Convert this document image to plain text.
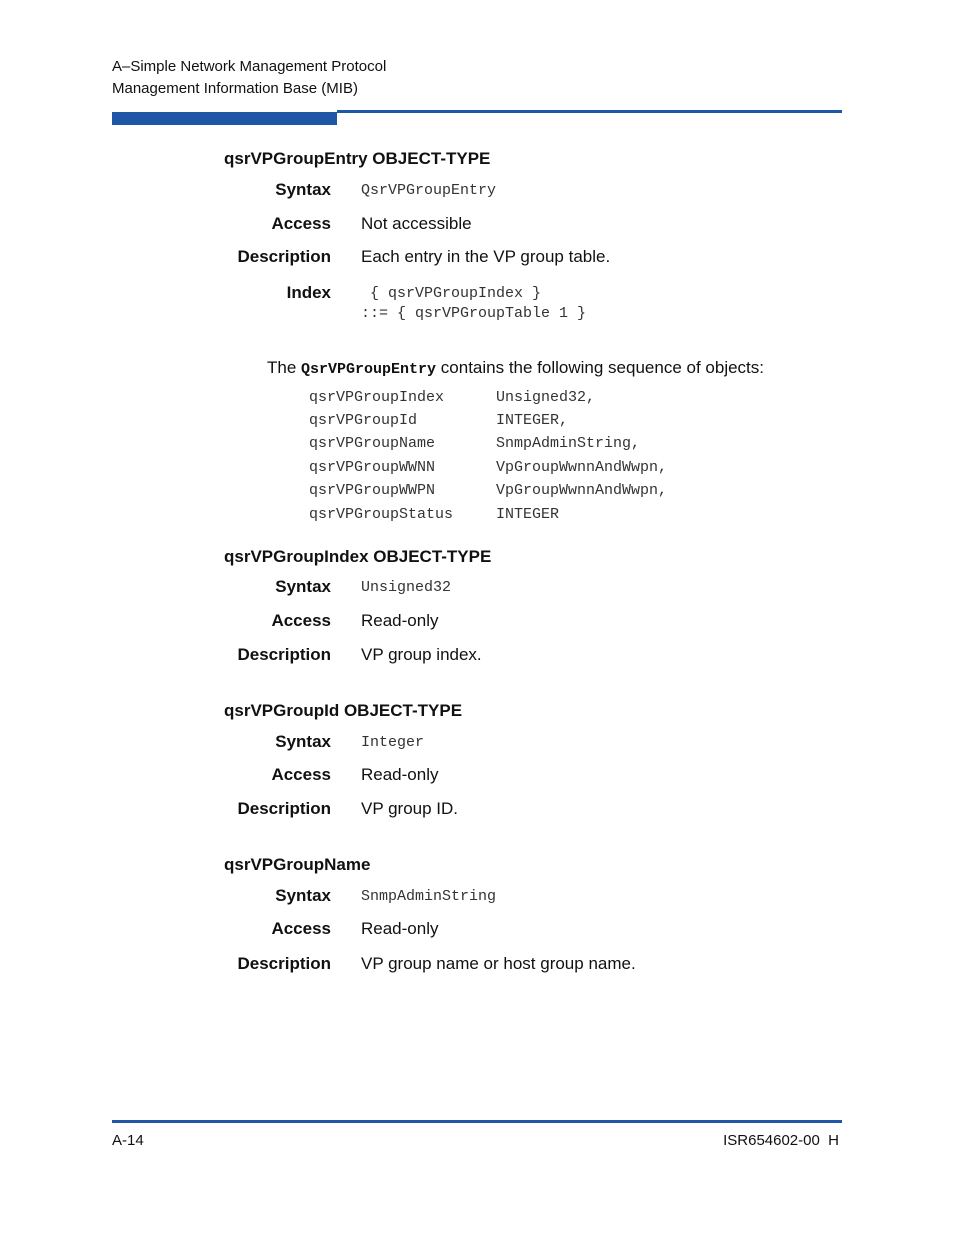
A–Simple Network Management Protocol
Management Information Base (MIB)
qsrVPGroupEntry OBJECT-TYPE
Syntax QsrVPGroupEntry
Access Not accessible
Description Each entry in the VP group table.
Index { qsrVPGroupIndex }
::= { qsrVPGroupTable 1 }
The QsrVPGroupEntry contains the following sequence of objects:
qsrVPGroupIndex	Unsigned32,
qsrVPGroupId	INTEGER,
qsrVPGroupName	SnmpAdminString,
qsrVPGroupWWNN	VpGroupWwnnAndWwpn,
qsrVPGroupWWPN	VpGroupWwnnAndWwpn,
qsrVPGroupStatus	INTEGER
qsrVPGroupIndex OBJECT-TYPE
Syntax Unsigned32
Access Read-only
Description VP group index.
qsrVPGroupId OBJECT-TYPE
Syntax Integer
Access Read-only
Description VP group ID.
qsrVPGroupName
Syntax SnmpAdminString
Access Read-only
Description VP group name or host group name.
A-14	ISR654602-00  H
